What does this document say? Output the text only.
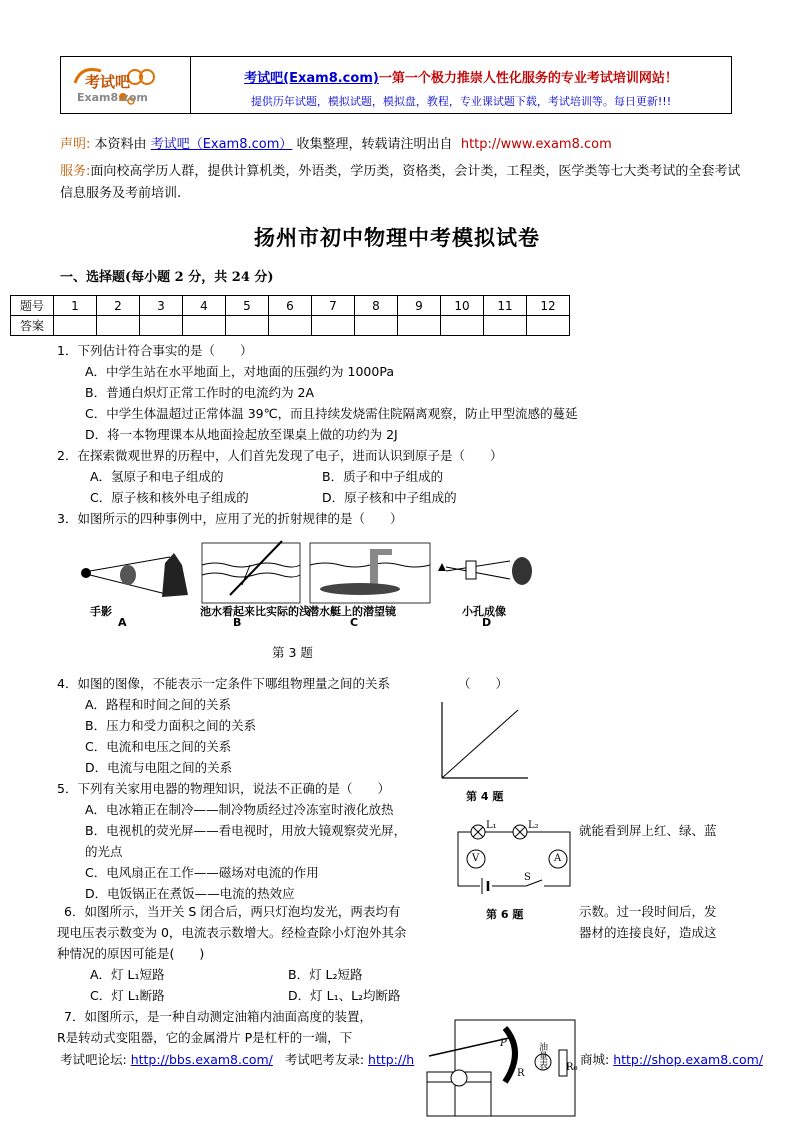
考试吧
Exam8.com
考试吧(Exam8.com)一第一个极力推崇人性化服务的专业考试培训网站！
提供历年试题，模拟试题，模拟盘，教程，专业课试题下载，考试培训等。每日更新!!!
声明: 本资料由 考试吧（Exam8.com） 收集整理，转载请注明出自 http://www.exam8.com
服务:面向校高学历人群，提供计算机类，外语类，学历类，资格类，会计类，工程类，医学类等七大类考试的全套考试信息服务及考前培训.
扬州市初中物理中考模拟试卷
一、选择题(每小题 2 分，共 24 分)
题号	1	2	3	4	5	6	7	8	9	10	11	12
答案												
1．下列估计符合事实的是（　　）
A．中学生站在水平地面上，对地面的压强约为 1000Pa
B．普通白炽灯正常工作时的电流约为 2A
C．中学生体温超过正常体温 39℃，而且持续发烧需住院隔离观察，防止甲型流感的蔓延
D．将一本物理课本从地面捡起放至课桌上做的功约为 2J
2．在探索微观世界的历程中，人们首先发现了电子，进而认识到原子是（　　）
A．氢原子和电子组成的	B．质子和中子组成的
C．原子核和核外电子组成的	D．原子核和中子组成的
3．如图所示的四种事例中，应用了光的折射规律的是（　　）
手影
A
池水看起来比实际的浅
B
潜水艇上的潜望镜
C
小孔成像
D
第 3 题
4．如图的图像，不能表示一定条件下哪组物理量之间的关系	（　　）
A．路程和时间之间的关系
B．压力和受力面积之间的关系
C．电流和电压之间的关系
D．电流与电阻之间的关系
第 4 题
5．下列有关家用电器的物理知识，说法不正确的是（　　）
A．电冰箱正在制冷——制冷物质经过冷冻室时液化放热
B．电视机的荧光屏——看电视时，用放大镜观察荧光屏，	就能看到屏上红、绿、蓝
的光点
C．电风扇正在工作——磁场对电流的作用
D．电饭锅正在煮饭——电流的热效应
L₁	L₂
V	A
S
第 6 题
6．如图所示，当开关 S 闭合后，两只灯泡均发光，两表均有	示数。过一段时间后，发
现电压表示数变为 0，电流表示数增大。经检查除小灯泡外其余	器材的连接良好，造成这
种情况的原因可能是(　　)
A．灯 L₁短路	B．灯 L₂短路
C．灯 L₁断路	D．灯 L₁、L₂均断路
7．如图所示，是一种自动测定油箱内油面高度的装置，
R是转动式变阻器，它的金属滑片 P是杠杆的一端，下	P
R
油量表 R₀
考试吧论坛: http://bbs.exam8.com/ 考试吧考友录: http://h	商城: http://shop.exam8.com/
